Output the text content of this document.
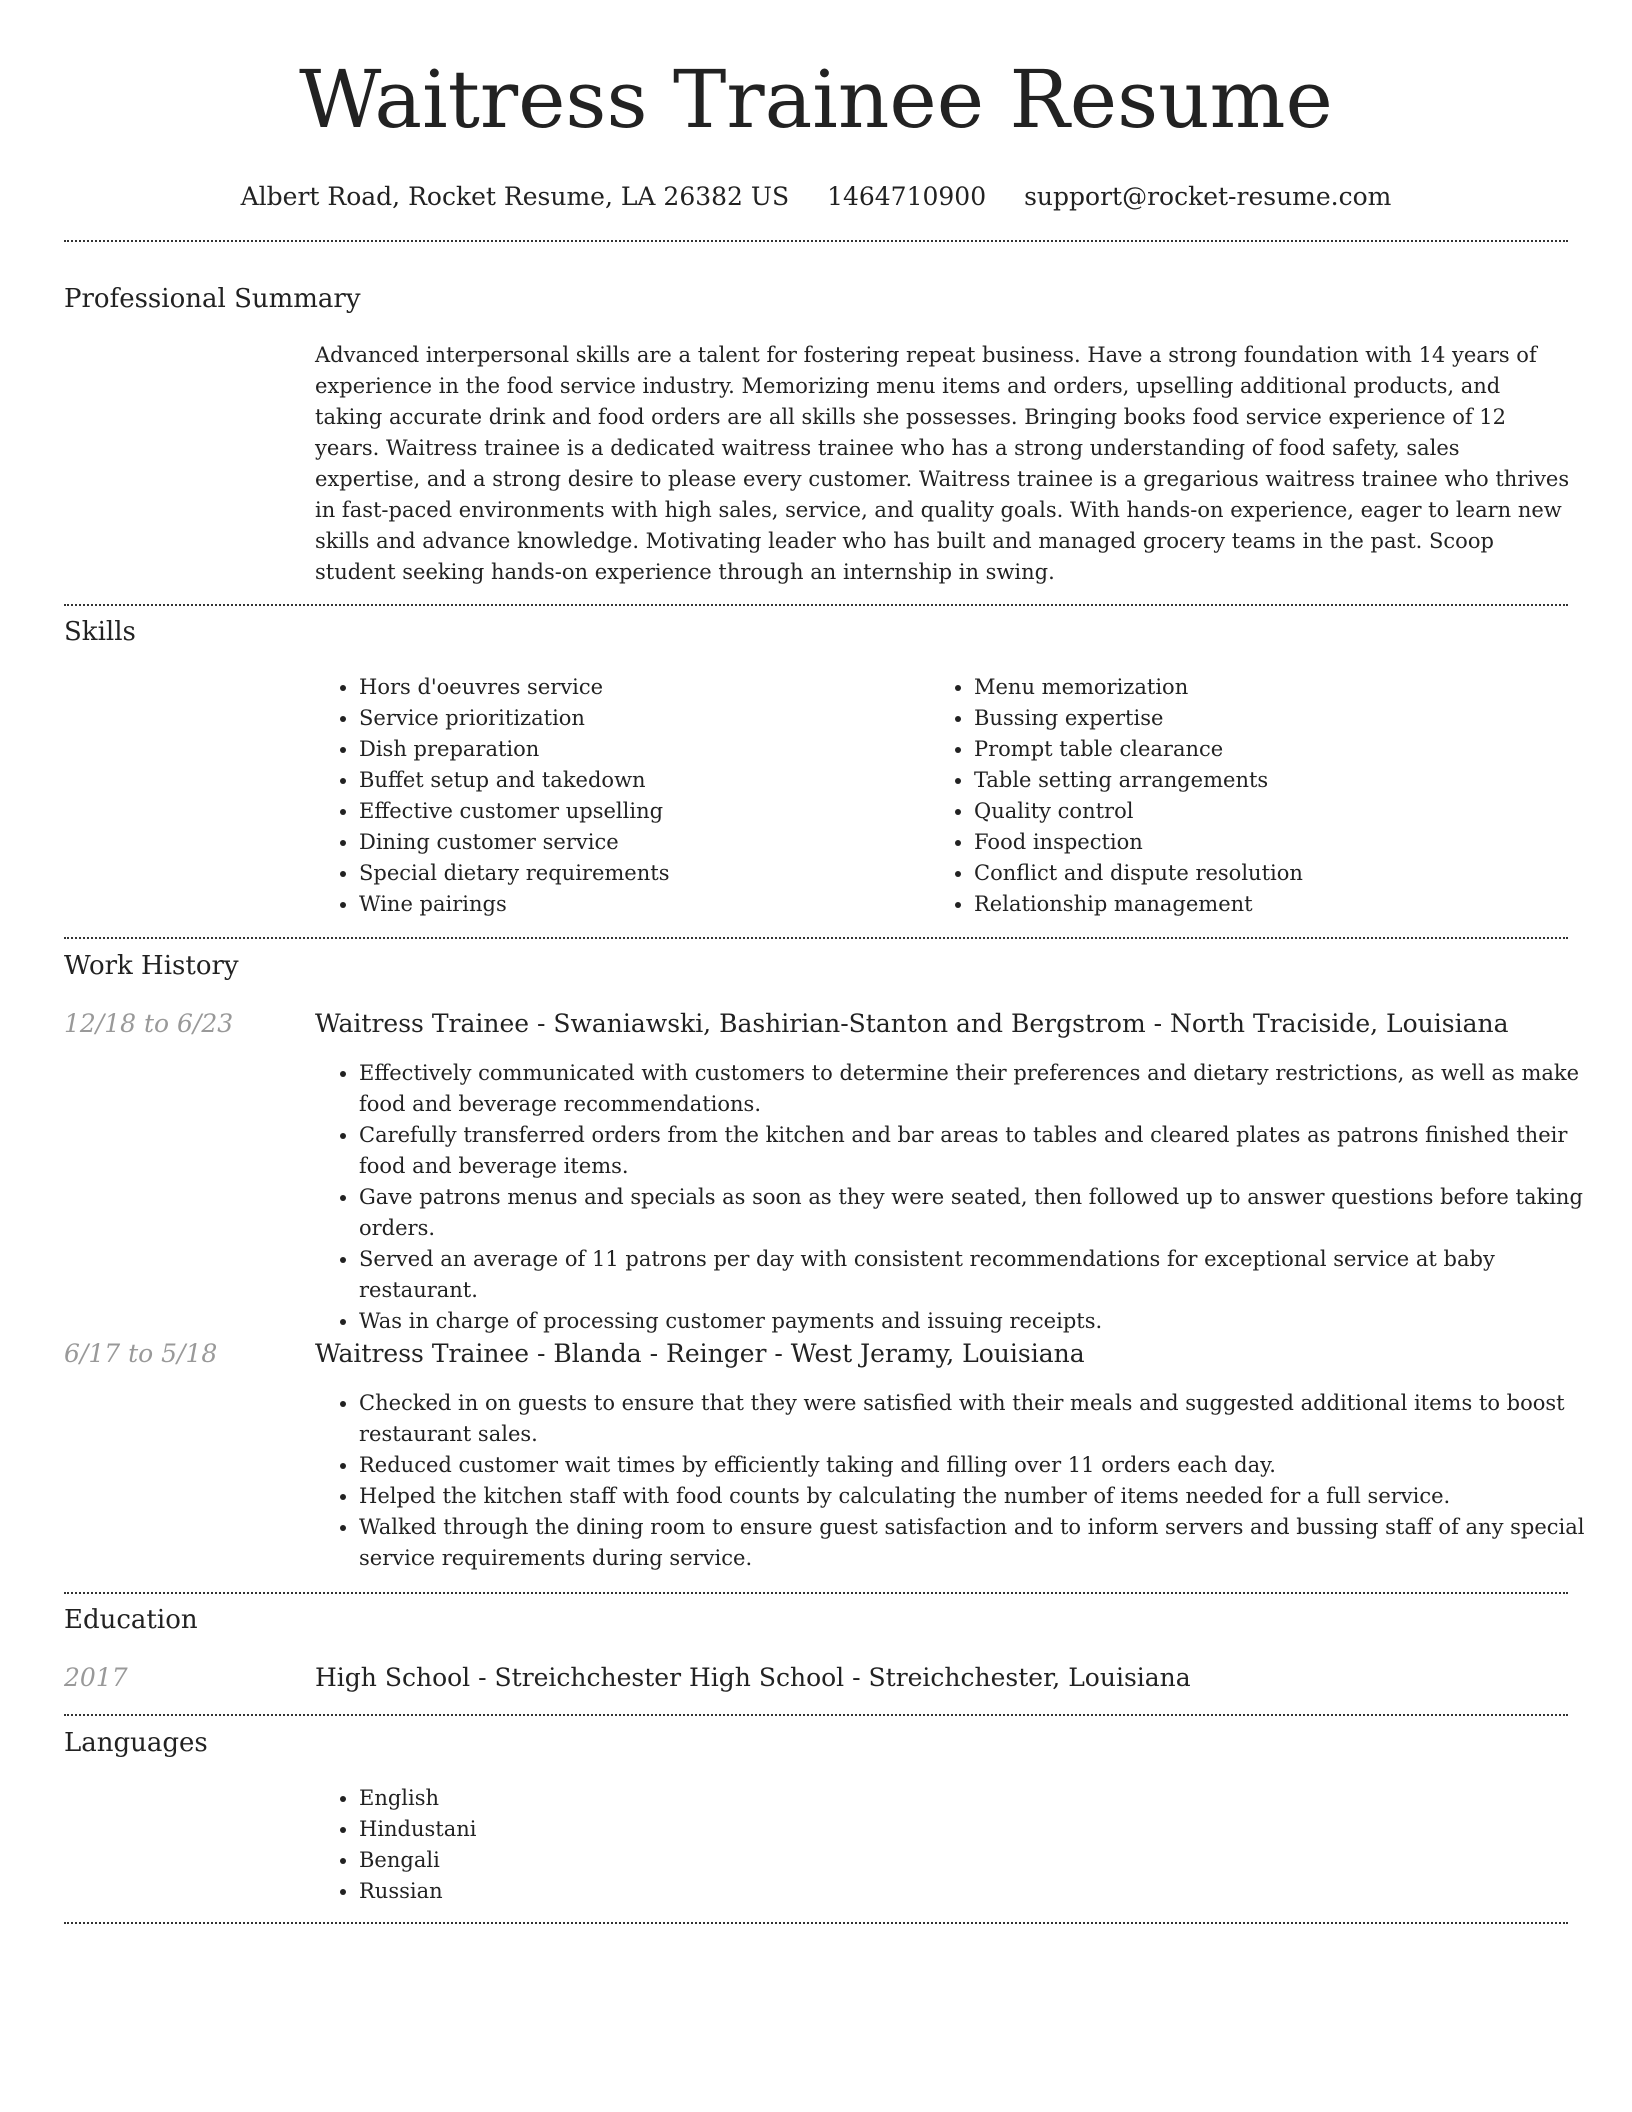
Waitress Trainee Resume
Albert Road, Rocket Resume, LA 26382 US 1464710900 support@rocket-resume.com
Professional Summary

Advanced interpersonal skills are a talent for fostering repeat business. Have a strong foundation with 14 years of experience in the food service industry. Memorizing menu items and orders, upselling additional products, and taking accurate drink and food orders are all skills she possesses. Bringing books food service experience of 12 years. Waitress trainee is a dedicated waitress trainee who has a strong understanding of food safety, sales expertise, and a strong desire to please every customer. Waitress trainee is a gregarious waitress trainee who thrives in fast-paced environments with high sales, service, and quality goals. With hands-on experience, eager to learn new skills and advance knowledge. Motivating leader who has built and managed grocery teams in the past. Scoop student seeking hands-on experience through an internship in swing.

Skills
• Hors d'oeuvres service
• Service prioritization
• Dish preparation
• Buffet setup and takedown
• Effective customer upselling
• Dining customer service
• Special dietary requirements
• Wine pairings
• Menu memorization
• Bussing expertise
• Prompt table clearance
• Table setting arrangements
• Quality control
• Food inspection
• Conflict and dispute resolution
• Relationship management
Work History
12/18 to 6/23	Waitress Trainee - Swaniawski, Bashirian-Stanton and Bergstrom - North Traciside, Louisiana
• Effectively communicated with customers to determine their preferences and dietary restrictions, as well as make food and beverage recommendations.
• Carefully transferred orders from the kitchen and bar areas to tables and cleared plates as patrons finished their food and beverage items.
• Gave patrons menus and specials as soon as they were seated, then followed up to answer questions before taking orders.
• Served an average of 11 patrons per day with consistent recommendations for exceptional service at baby restaurant.
• Was in charge of processing customer payments and issuing receipts.
6/17 to 5/18	Waitress Trainee - Blanda - Reinger - West Jeramy, Louisiana
• Checked in on guests to ensure that they were satisfied with their meals and suggested additional items to boost restaurant sales.
• Reduced customer wait times by efficiently taking and filling over 11 orders each day.
• Helped the kitchen staff with food counts by calculating the number of items needed for a full service.
• Walked through the dining room to ensure guest satisfaction and to inform servers and bussing staff of any special service requirements during service.
Education
2017	High School - Streichchester High School - Streichchester, Louisiana
Languages
• English
• Hindustani
• Bengali
• Russian
